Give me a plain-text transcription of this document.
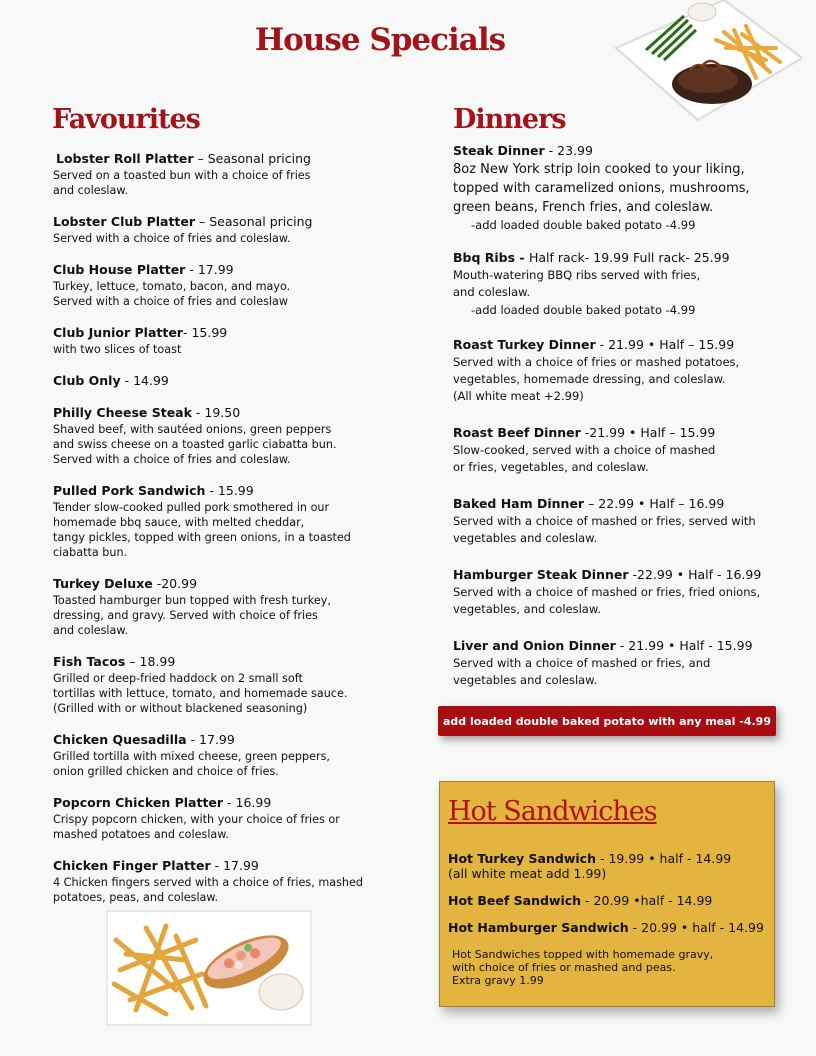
House Specials
Favourites
Lobster Roll Platter – Seasonal pricing
Served on a toasted bun with a choice of fries
and coleslaw.
Lobster Club Platter – Seasonal pricing
Served with a choice of fries and coleslaw.
Club House Platter - 17.99
Turkey, lettuce, tomato, bacon, and mayo.
Served with a choice of fries and coleslaw
Club Junior Platter- 15.99
with two slices of toast
Club Only - 14.99
Philly Cheese Steak - 19.50
Shaved beef, with sautéed onions, green peppers
and swiss cheese on a toasted garlic ciabatta bun.
Served with a choice of fries and coleslaw.
Pulled Pork Sandwich - 15.99
Tender slow-cooked pulled pork smothered in our
homemade bbq sauce, with melted cheddar,
tangy pickles, topped with green onions, in a toasted
ciabatta bun.
Turkey Deluxe -20.99
Toasted hamburger bun topped with fresh turkey,
dressing, and gravy. Served with choice of fries
and coleslaw.
Fish Tacos – 18.99
Grilled or deep-fried haddock on 2 small soft
tortillas with lettuce, tomato, and homemade sauce.
(Grilled with or without blackened seasoning)
Chicken Quesadilla - 17.99
Grilled tortilla with mixed cheese, green peppers,
onion grilled chicken and choice of fries.
Popcorn Chicken Platter - 16.99
Crispy popcorn chicken, with your choice of fries or
mashed potatoes and coleslaw.
Chicken Finger Platter - 17.99
4 Chicken fingers served with a choice of fries, mashed
potatoes, peas, and coleslaw.
Dinners
Steak Dinner - 23.99
8oz New York strip loin cooked to your liking,
topped with caramelized onions, mushrooms,
green beans, French fries, and coleslaw.
-add loaded double baked potato -4.99
Bbq Ribs - Half rack- 19.99 Full rack- 25.99
Mouth-watering BBQ ribs served with fries,
and coleslaw.
-add loaded double baked potato -4.99
Roast Turkey Dinner - 21.99 • Half – 15.99
Served with a choice of fries or mashed potatoes,
vegetables, homemade dressing, and coleslaw.
(All white meat +2.99)
Roast Beef Dinner -21.99 • Half – 15.99
Slow-cooked, served with a choice of mashed
or fries, vegetables, and coleslaw.
Baked Ham Dinner – 22.99 • Half – 16.99
Served with a choice of mashed or fries, served with
vegetables and coleslaw.
Hamburger Steak Dinner -22.99 • Half - 16.99
Served with a choice of mashed or fries, fried onions,
vegetables, and coleslaw.
Liver and Onion Dinner - 21.99 • Half - 15.99
Served with a choice of mashed or fries, and
vegetables and coleslaw.
add loaded double baked potato with any meal -4.99
Hot Sandwiches
Hot Turkey Sandwich - 19.99 • half - 14.99
(all white meat add 1.99)
Hot Beef Sandwich - 20.99 •half - 14.99
Hot Hamburger Sandwich - 20.99 • half - 14.99
Hot Sandwiches topped with homemade gravy,
with choice of fries or mashed and peas.
Extra gravy 1.99
